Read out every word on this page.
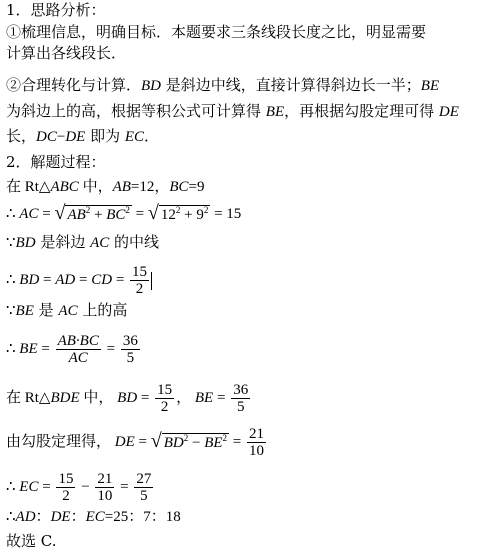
1．思路分析：
①梳理信息，明确目标．本题要求三条线段长度之比，明显需要
计算出各线段长．
②合理转化与计算．BD 是斜边中线，直接计算得斜边长一半；BE
为斜边上的高，根据等积公式可计算得 BE，再根据勾股定理可得 DE
长，DC−DE 即为 EC．
2．解题过程：
在 Rt△ABC 中，AB=12，BC=9
∴ AC = √ $AB^2 + BC^2$ = √ $12^2 + 9^2 = 15$
∵BD 是斜边 AC 的中线
∴ BD = AD = CD = $\frac{15}{2}$
∵BE 是 AC 上的高
∴ BE = $\frac{AB\cdot BC}{AC} = \frac{36}{5}$
在 Rt△BDE 中， BD = $\frac{15}{2}$ ， BE = $\frac{36}{5}$
由勾股定理得， DE = √ $BD^2 - BE^2 = \frac{21}{10}$
∴ EC = $\frac{15}{2} - \frac{21}{10} = \frac{27}{5}$
∴AD：DE：EC=25：7：18
故选 C.
